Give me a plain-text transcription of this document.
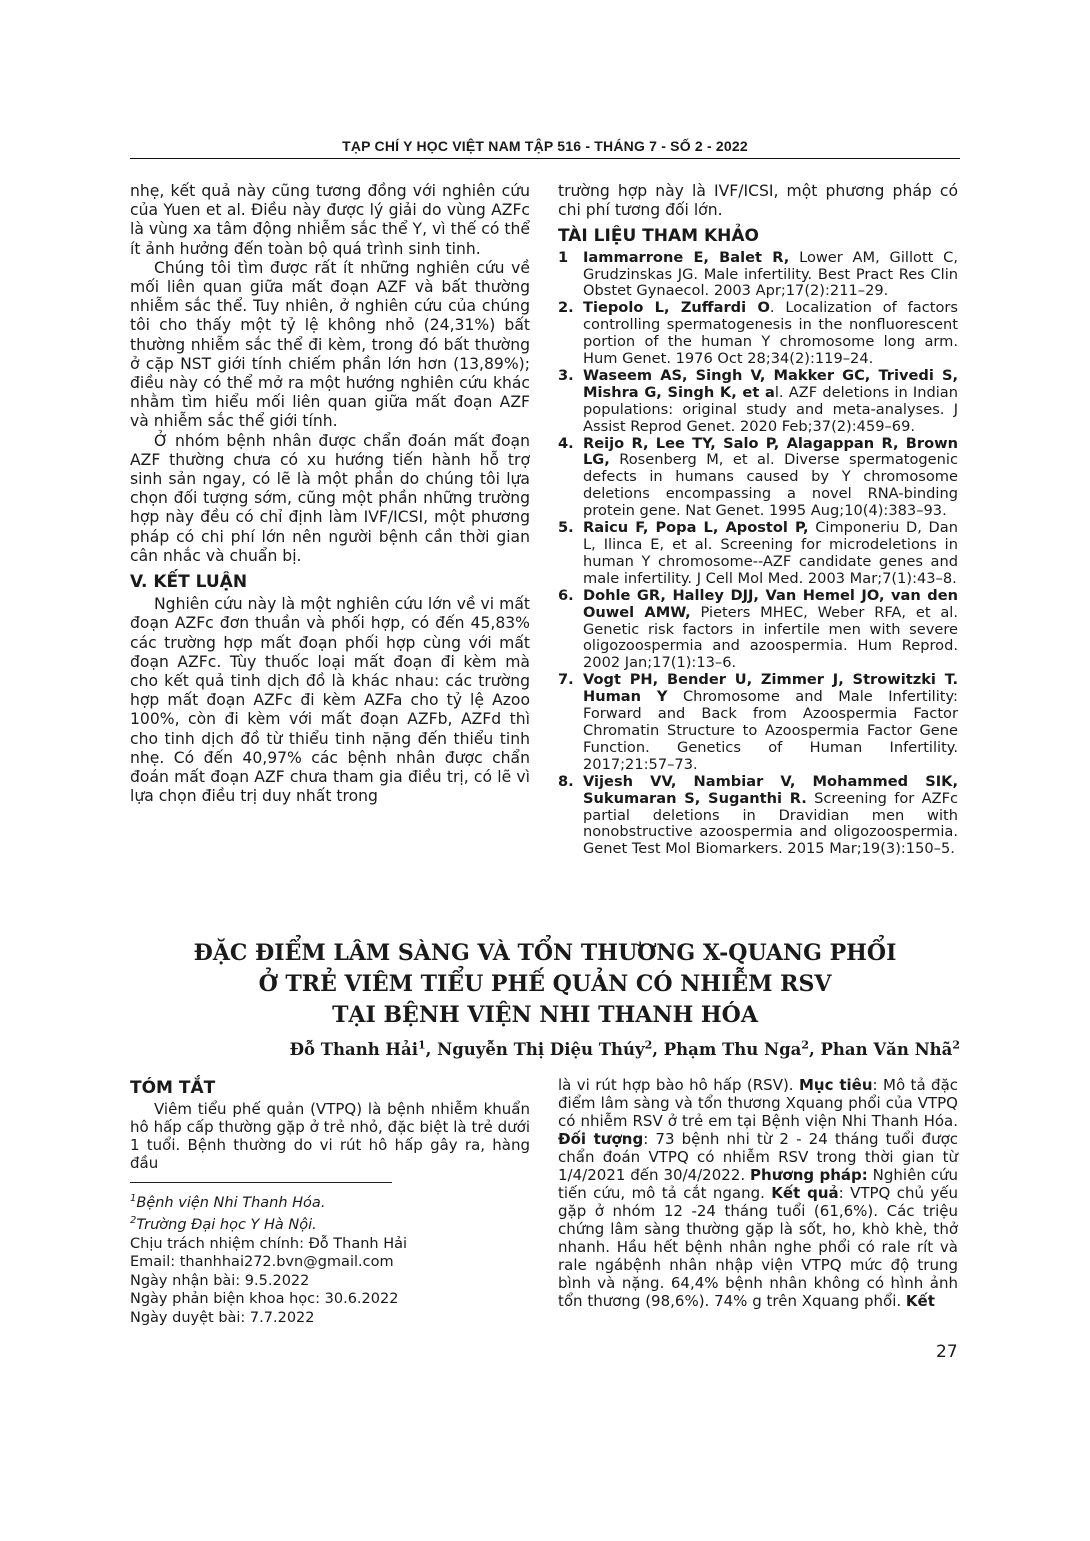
TẠP CHÍ Y HỌC VIỆT NAM TẬP 516 - THÁNG 7 - SỐ 2 - 2022

nhẹ, kết quả này cũng tương đồng với nghiên cứu của Yuen et al. Điều này được lý giải do vùng AZFc là vùng xa tâm động nhiễm sắc thể Y, vì thế có thể ít ảnh hưởng đến toàn bộ quá trình sinh tinh.

Chúng tôi tìm được rất ít những nghiên cứu về mối liên quan giữa mất đoạn AZF và bất thường nhiễm sắc thể. Tuy nhiên, ở nghiên cứu của chúng tôi cho thấy một tỷ lệ không nhỏ (24,31%) bất thường nhiễm sắc thể đi kèm, trong đó bất thường ở cặp NST giới tính chiếm phần lớn hơn (13,89%); điều này có thể mở ra một hướng nghiên cứu khác nhằm tìm hiểu mối liên quan giữa mất đoạn AZF và nhiễm sắc thể giới tính.

Ở nhóm bệnh nhân được chẩn đoán mất đoạn AZF thường chưa có xu hướng tiến hành hỗ trợ sinh sản ngay, có lẽ là một phần do chúng tôi lựa chọn đối tượng sớm, cũng một phần những trường hợp này đều có chỉ định làm IVF/ICSI, một phương pháp có chi phí lớn nên người bệnh cần thời gian cân nhắc và chuẩn bị.

V. KẾT LUẬN

Nghiên cứu này là một nghiên cứu lớn về vi mất đoạn AZFc đơn thuần và phối hợp, có đến 45,83% các trường hợp mất đoạn phối hợp cùng với mất đoạn AZFc. Tùy thuốc loại mất đoạn đi kèm mà cho kết quả tinh dịch đồ là khác nhau: các trường hợp mất đoạn AZFc đi kèm AZFa cho tỷ lệ Azoo 100%, còn đi kèm với mất đoạn AZFb, AZFd thì cho tinh dịch đồ từ thiểu tinh nặng đến thiểu tinh nhẹ. Có đến 40,97% các bệnh nhân được chẩn đoán mất đoạn AZF chưa tham gia điều trị, có lẽ vì lựa chọn điều trị duy nhất trong

trường hợp này là IVF/ICSI, một phương pháp có chi phí tương đối lớn.

TÀI LIỆU THAM KHẢO
1 Iammarrone E, Balet R, Lower AM, Gillott C, Grudzinskas JG. Male infertility. Best Pract Res Clin Obstet Gynaecol. 2003 Apr;17(2):211–29.
2. Tiepolo L, Zuffardi O. Localization of factors controlling spermatogenesis in the nonfluorescent portion of the human Y chromosome long arm. Hum Genet. 1976 Oct 28;34(2):119–24.
3. Waseem AS, Singh V, Makker GC, Trivedi S, Mishra G, Singh K, et al. AZF deletions in Indian populations: original study and meta-analyses. J Assist Reprod Genet. 2020 Feb;37(2):459–69.
4. Reijo R, Lee TY, Salo P, Alagappan R, Brown LG, Rosenberg M, et al. Diverse spermatogenic defects in humans caused by Y chromosome deletions encompassing a novel RNA-binding protein gene. Nat Genet. 1995 Aug;10(4):383–93.
5. Raicu F, Popa L, Apostol P, Cimponeriu D, Dan L, Ilinca E, et al. Screening for microdeletions in human Y chromosome--AZF candidate genes and male infertility. J Cell Mol Med. 2003 Mar;7(1):43–8.
6. Dohle GR, Halley DJJ, Van Hemel JO, van den Ouwel AMW, Pieters MHEC, Weber RFA, et al. Genetic risk factors in infertile men with severe oligozoospermia and azoospermia. Hum Reprod. 2002 Jan;17(1):13–6.
7. Vogt PH, Bender U, Zimmer J, Strowitzki T. Human Y Chromosome and Male Infertility: Forward and Back from Azoospermia Factor Chromatin Structure to Azoospermia Factor Gene Function. Genetics of Human Infertility. 2017;21:57–73.
8. Vijesh VV, Nambiar V, Mohammed SIK, Sukumaran S, Suganthi R. Screening for AZFc partial deletions in Dravidian men with nonobstructive azoospermia and oligozoospermia. Genet Test Mol Biomarkers. 2015 Mar;19(3):150–5.
ĐẶC ĐIỂM LÂM SÀNG VÀ TỔN THƯƠNG X-QUANG PHỔI
Ở TRẺ VIÊM TIỂU PHẾ QUẢN CÓ NHIỄM RSV
TẠI BỆNH VIỆN NHI THANH HÓA
Đỗ Thanh Hải$^1$, Nguyễn Thị Diệu Thúy$^2$, Phạm Thu Nga$^2$, Phan Văn Nhã$^2$
TÓM TẮT

Viêm tiểu phế quản (VTPQ) là bệnh nhiễm khuẩn hô hấp cấp thường gặp ở trẻ nhỏ, đặc biệt là trẻ dưới 1 tuổi. Bệnh thường do vi rút hô hấp gây ra, hàng đầu

là vi rút hợp bào hô hấp (RSV). Mục tiêu: Mô tả đặc điểm lâm sàng và tổn thương Xquang phổi của VTPQ có nhiễm RSV ở trẻ em tại Bệnh viện Nhi Thanh Hóa. Đối tượng: 73 bệnh nhi từ 2 - 24 tháng tuổi được chẩn đoán VTPQ có nhiễm RSV trong thời gian từ 1/4/2021 đến 30/4/2022. Phương pháp: Nghiên cứu tiến cứu, mô tả cắt ngang. Kết quả: VTPQ chủ yếu gặp ở nhóm 12 -24 tháng tuổi (61,6%). Các triệu chứng lâm sàng thường gặp là sốt, ho, khò khè, thở nhanh. Hầu hết bệnh nhân nghe phổi có rale rít và rale ngábệnh nhân nhập viện VTPQ mức độ trung bình và nặng. 64,4% bệnh nhân không có hình ảnh tổn thương (98,6%). 74% g trên Xquang phổi. Kết

$^1$Bệnh viện Nhi Thanh Hóa.
$^2$Trường Đại học Y Hà Nội.
Chịu trách nhiệm chính: Đỗ Thanh Hải
Email: thanhhai272.bvn@gmail.com
Ngày nhận bài: 9.5.2022
Ngày phản biện khoa học: 30.6.2022
Ngày duyệt bài: 7.7.2022
27
